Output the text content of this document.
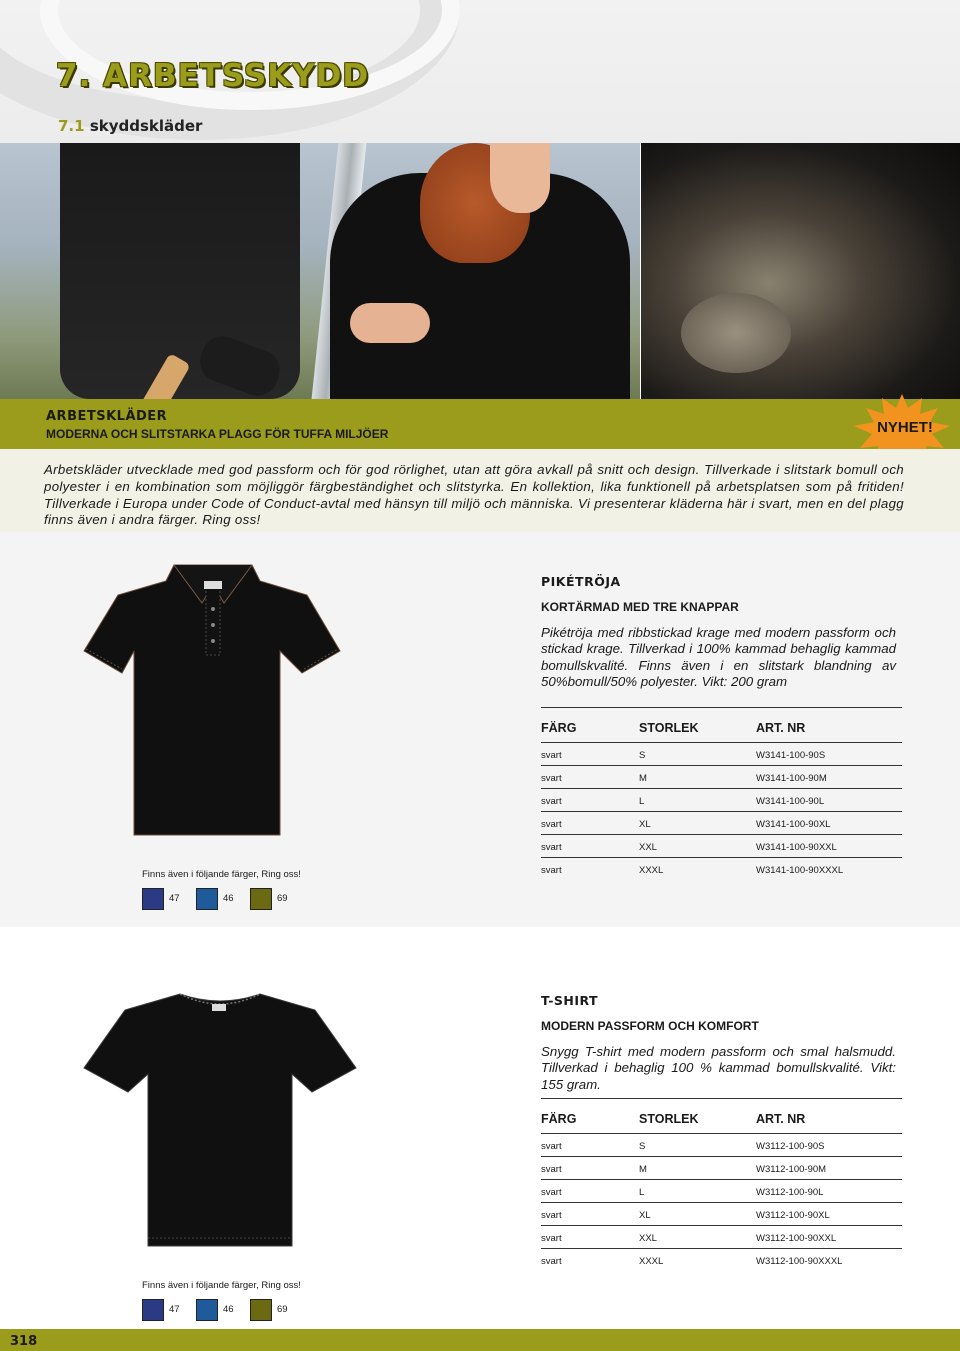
7. ARBETSSKYDD
7.1 skyddskläder
ARBETSKLÄDER
MODERNA OCH SLITSTARKA PLAGG FÖR TUFFA MILJÖER	NYHET!
Arbetskläder utvecklade med god passform och för god rörlighet, utan att göra avkall på snitt och design. Tillverkade i slitstark bomull och polyester i en kombination som möjliggör färgbeständighet och slitstyrka. En kollektion, lika funktionell på arbetsplatsen som på fritiden! Tillverkade i Europa under Code of Conduct-avtal med hänsyn till miljö och människa. Vi presenterar kläderna här i svart, men en del plagg finns även i andra färger. Ring oss!
PIKÉTRÖJA
KORTÄRMAD MED TRE KNAPPAR
Pikétröja med ribbstickad krage med modern passform och stickad krage. Tillverkad i 100% kammad behaglig kammad bomullskvalité. Finns även i en slitstark blandning av 50%bomull/50% polyester. Vikt: 200 gram
FÄRG	STORLEK	ART. NR
svart	S	W3141-100-90S
svart	M	W3141-100-90M
svart	L	W3141-100-90L
svart	XL	W3141-100-90XL
svart	XXL	W3141-100-90XXL
svart	XXXL	W3141-100-90XXXL
Finns även i följande färger, Ring oss!
47	46	69
T-SHIRT
MODERN PASSFORM OCH KOMFORT
Snygg T-shirt med modern passform och smal halsmudd. Tillverkad i behaglig 100 % kammad bomullskvalité. Vikt: 155 gram.
FÄRG	STORLEK	ART. NR
svart	S	W3112-100-90S
svart	M	W3112-100-90M
svart	L	W3112-100-90L
svart	XL	W3112-100-90XL
svart	XXL	W3112-100-90XXL
svart	XXXL	W3112-100-90XXXL
Finns även i följande färger, Ring oss!
47	46	69
318
